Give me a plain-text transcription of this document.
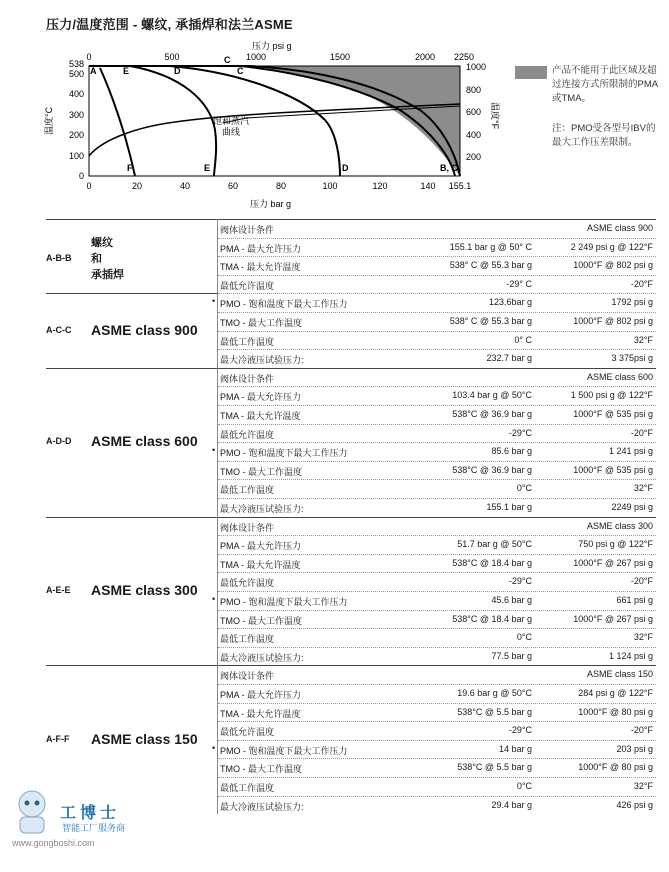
压力/温度范围 - 螺纹, 承插焊和法兰ASME
A	E	D	C
F	E	D	B, C
C
饱和蒸汽
曲线
压力 psi g
0	500	1000	1500	2000 2250
0	20	40	60	80	100	120	140 155.1
压力 bar g
0
100
200
300
400
500
538
温度°C
200
400
600
800
1000
温度°F
产品不能用于此区域及超过连接方式所限制的PMA或TMA。
注：PMO受各型号IBV的最大工作压差限制。
阀体设计条件	ASME class 900
PMA - 最大允许压力	155.1 bar g @ 50° C	2 249 psi g @ 122°F
TMA - 最大允许温度	538° C @ 55.3 bar g	1000°F @ 802 psi g
最低允许温度	-29° C	-20°F
PMO - 饱和温度下最大工作压力	123.6bar g	1792 psi g
•
TMO - 最大工作温度	538° C @ 55.3 bar g	1000°F @ 802 psi g
最低工作温度	0° C	32°F
最大冷液压试验压力:	232.7 bar g	3 375psi g
阀体设计条件	ASME class 600
PMA - 最大允许压力	103.4 bar g @ 50°C	1 500 psi g @ 122°F
TMA - 最大允许温度	538°C @ 36.9 bar g	1000°F @ 535 psi g
最低允许温度	-29°C	-20°F
PMO - 饱和温度下最大工作压力	85.6 bar g	1 241 psi g
•
TMO - 最大工作温度	538°C @ 36.9 bar g	1000°F @ 535 psi g
最低工作温度	0°C	32°F
最大冷液压试验压力:	155.1 bar g	2249 psi g
阀体设计条件	ASME class 300
PMA - 最大允许压力	51.7 bar g @ 50°C	750 psi g @ 122°F
TMA - 最大允许温度	538°C @ 18.4 bar g	1000°F @ 267 psi g
最低允许温度	-29°C	-20°F
PMO - 饱和温度下最大工作压力	45.6 bar g	661 psi g
•
TMO - 最大工作温度	538°C @ 18.4 bar g	1000°F @ 267 psi g
最低工作温度	0°C	32°F
最大冷液压试验压力:	77.5 bar g	1 124 psi g
阀体设计条件	ASME class 150
PMA - 最大允许压力	19.6 bar g @ 50°C	284 psi g @ 122°F
TMA - 最大允许温度	538°C @ 5.5 bar g	1000°F @ 80 psi g
最低允许温度	-29°C	-20°F
PMO - 饱和温度下最大工作压力	14 bar g	203 psi g
•
TMO - 最大工作温度	538°C @ 5.5 bar g	1000°F @ 80 psi g
最低工作温度	0°C	32°F
最大冷液压试验压力:	29.4 bar g	426 psi g
A-B-B
螺纹
和
承插焊
A-C-C ASME class 900
A-D-D ASME class 600
A-E-E ASME class 300
A-F-F ASME class 150
工博士
智能工厂服务商
www.gongboshi.com
